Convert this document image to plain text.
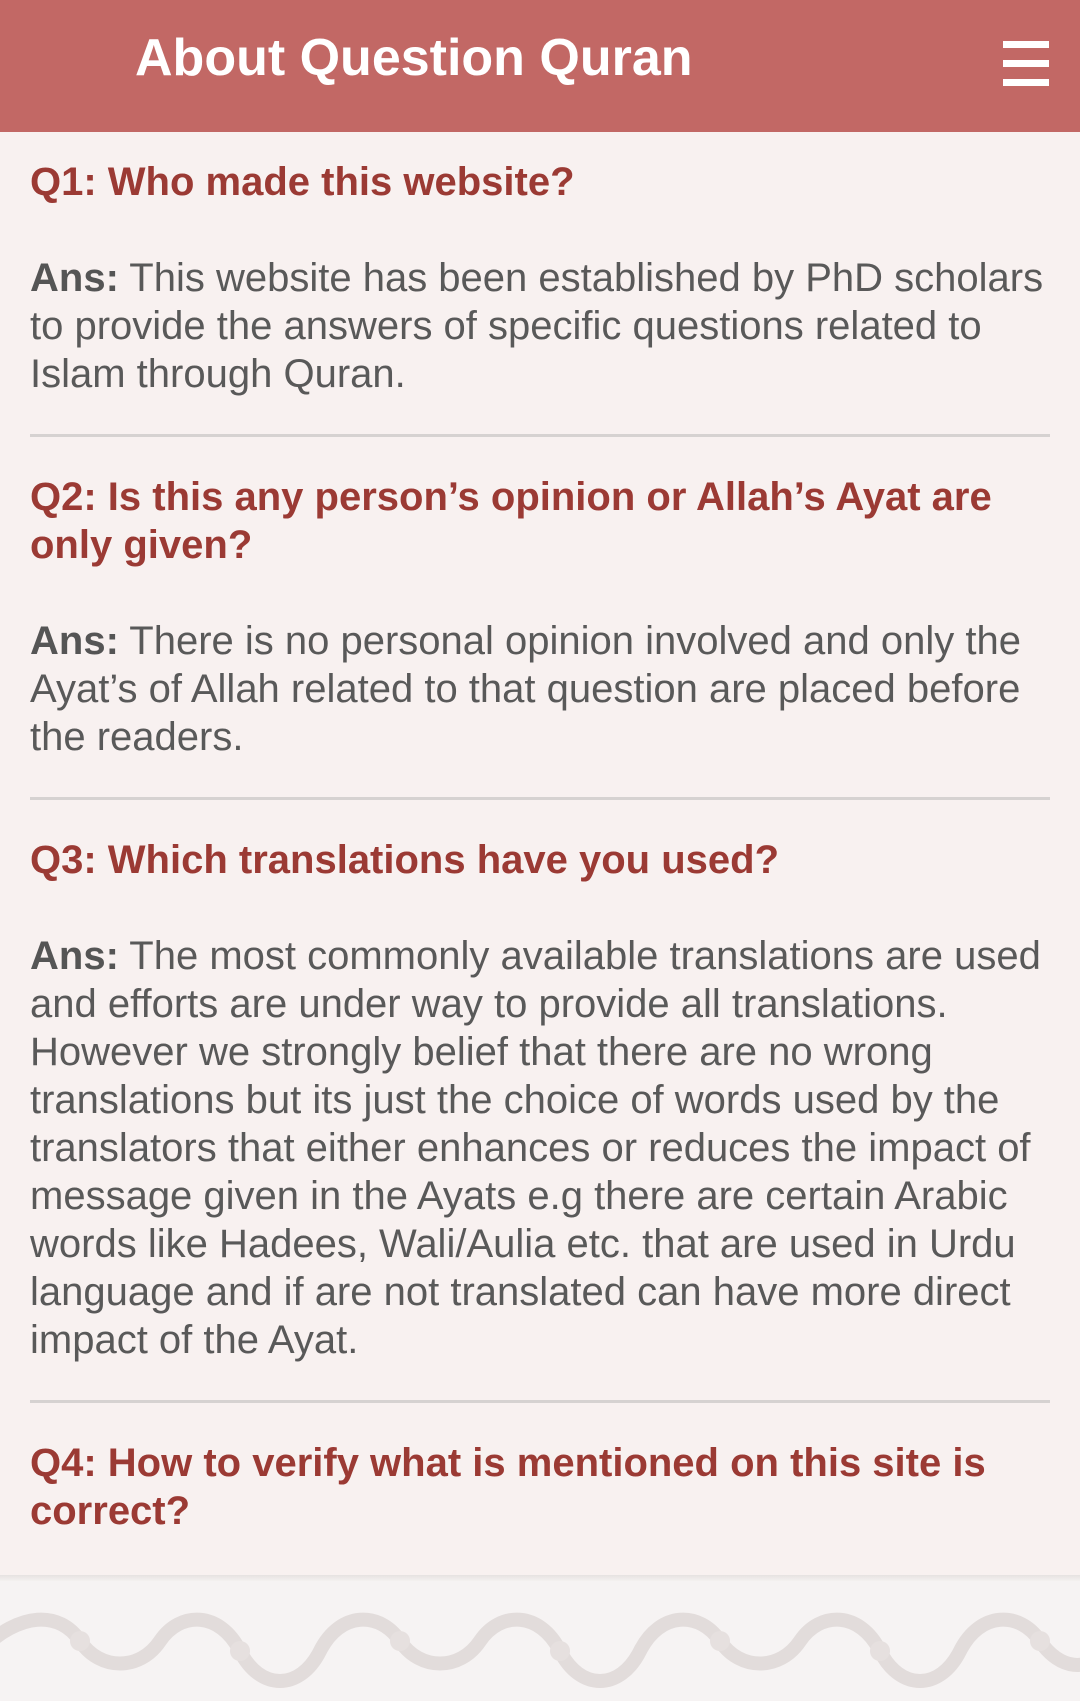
About Question Quran
Q1: Who made this website?
Ans: This website has been established by PhD scholars to provide the answers of specific questions related to Islam through Quran.
Q2: Is this any person’s opinion or Allah’s Ayat are only given?
Ans: There is no personal opinion involved and only the Ayat’s of Allah related to that question are placed before the readers.
Q3: Which translations have you used?
Ans: The most commonly available translations are used and efforts are under way to provide all translations. However we strongly belief that there are no wrong translations but its just the choice of words used by the translators that either enhances or reduces the impact of message given in the Ayats e.g there are certain Arabic words like Hadees, Wali/Aulia etc. that are used in Urdu language and if are not translated can have more direct impact of the Ayat.
Q4: How to verify what is mentioned on this site is correct?
